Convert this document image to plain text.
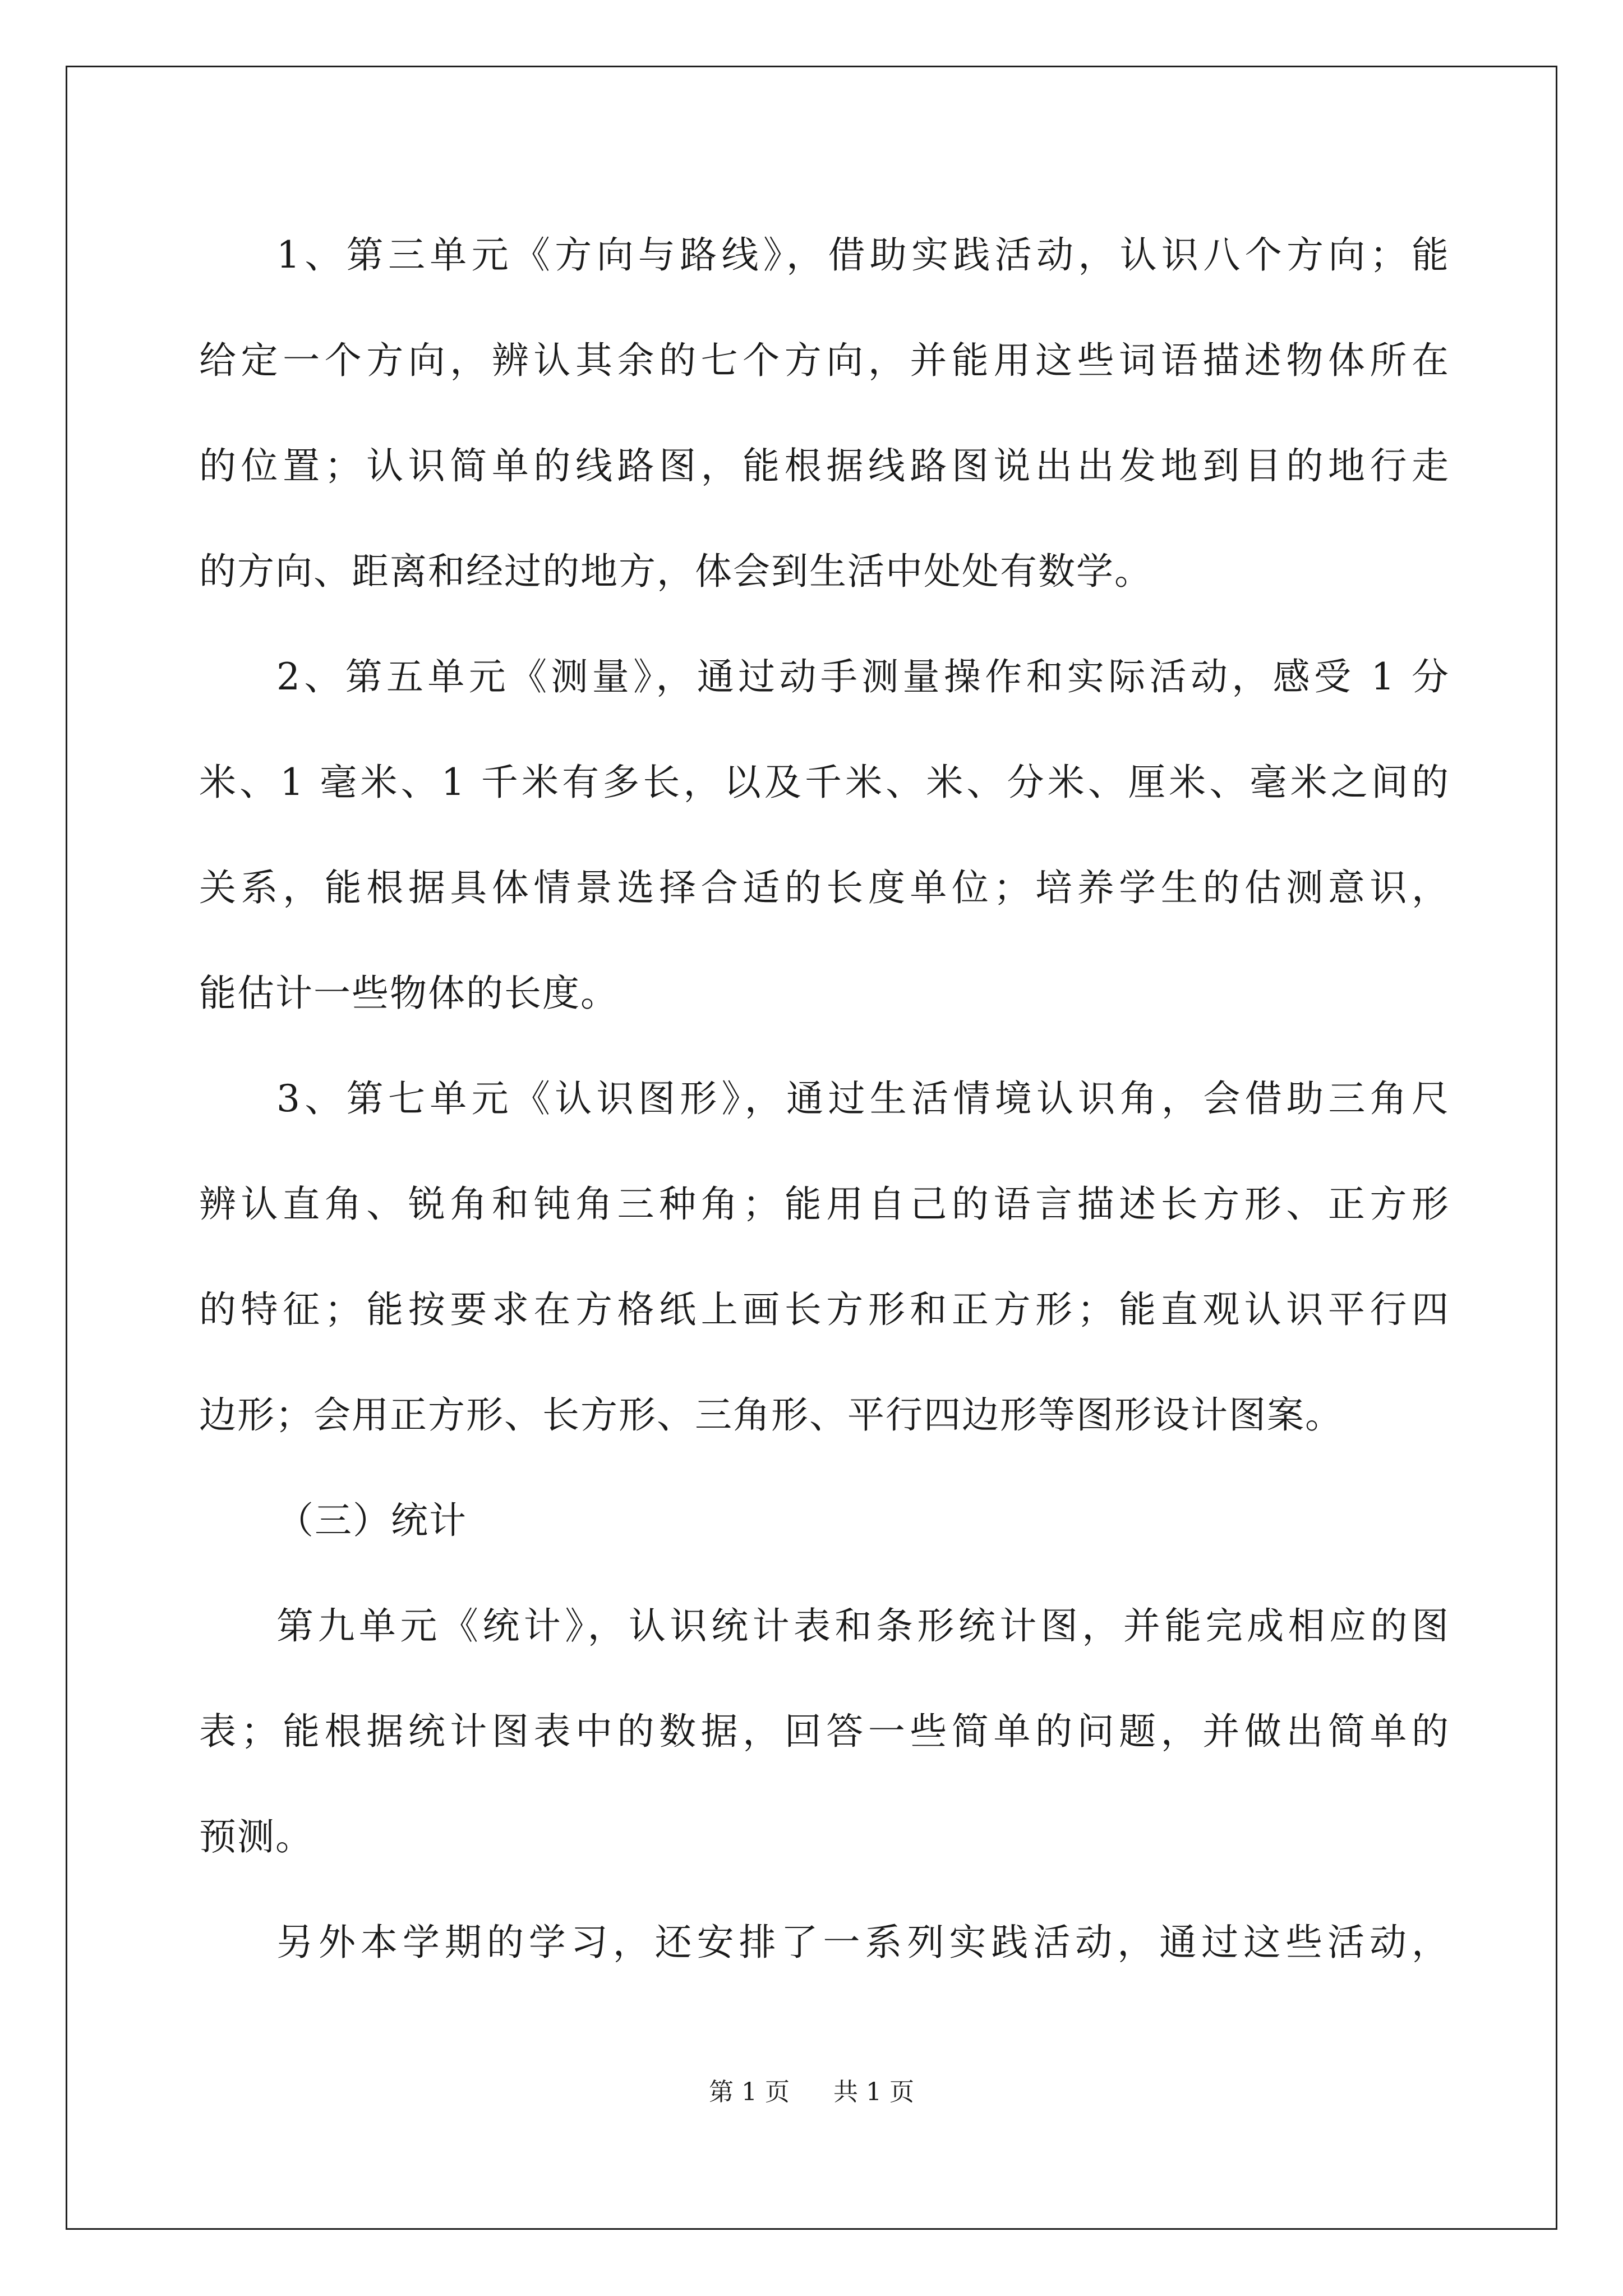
1、第三单元《方向与路线》，借助实践活动，认识八个方向；能
给定一个方向，辨认其余的七个方向，并能用这些词语描述物体所在
的位置；认识简单的线路图，能根据线路图说出出发地到目的地行走
的方向、距离和经过的地方，体会到生活中处处有数学。
2、第五单元《测量》，通过动手测量操作和实际活动，感受 1 分
米、1 毫米、1 千米有多长，以及千米、米、分米、厘米、毫米之间的
关系，能根据具体情景选择合适的长度单位；培养学生的估测意识，
能估计一些物体的长度。
3、第七单元《认识图形》，通过生活情境认识角，会借助三角尺
辨认直角、锐角和钝角三种角；能用自己的语言描述长方形、正方形
的特征；能按要求在方格纸上画长方形和正方形；能直观认识平行四
边形；会用正方形、长方形、三角形、平行四边形等图形设计图案。
（三）统计
第九单元《统计》，认识统计表和条形统计图，并能完成相应的图
表；能根据统计图表中的数据，回答一些简单的问题，并做出简单的
预测。
另外本学期的学习，还安排了一系列实践活动，通过这些活动，
第 1 页 共 1 页
